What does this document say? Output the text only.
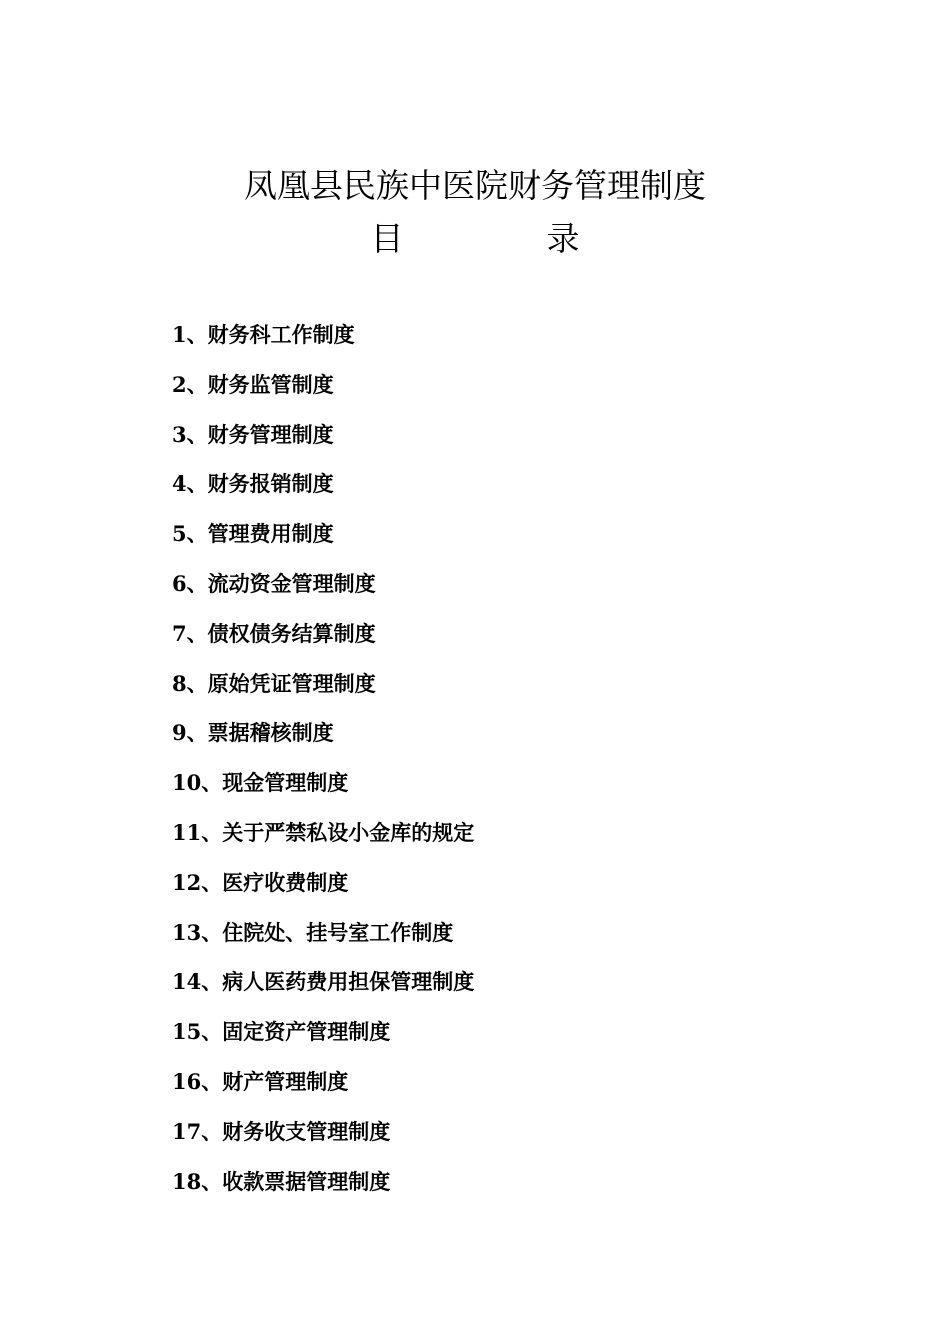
凤凰县民族中医院财务管理制度
目	录
1、财务科工作制度
2、财务监管制度
3、财务管理制度
4、财务报销制度
5、管理费用制度
6、流动资金管理制度
7、债权债务结算制度
8、原始凭证管理制度
9、票据稽核制度
10、现金管理制度
11、关于严禁私设小金库的规定
12、医疗收费制度
13、住院处、挂号室工作制度
14、病人医药费用担保管理制度
15、固定资产管理制度
16、财产管理制度
17、财务收支管理制度
18、收款票据管理制度
